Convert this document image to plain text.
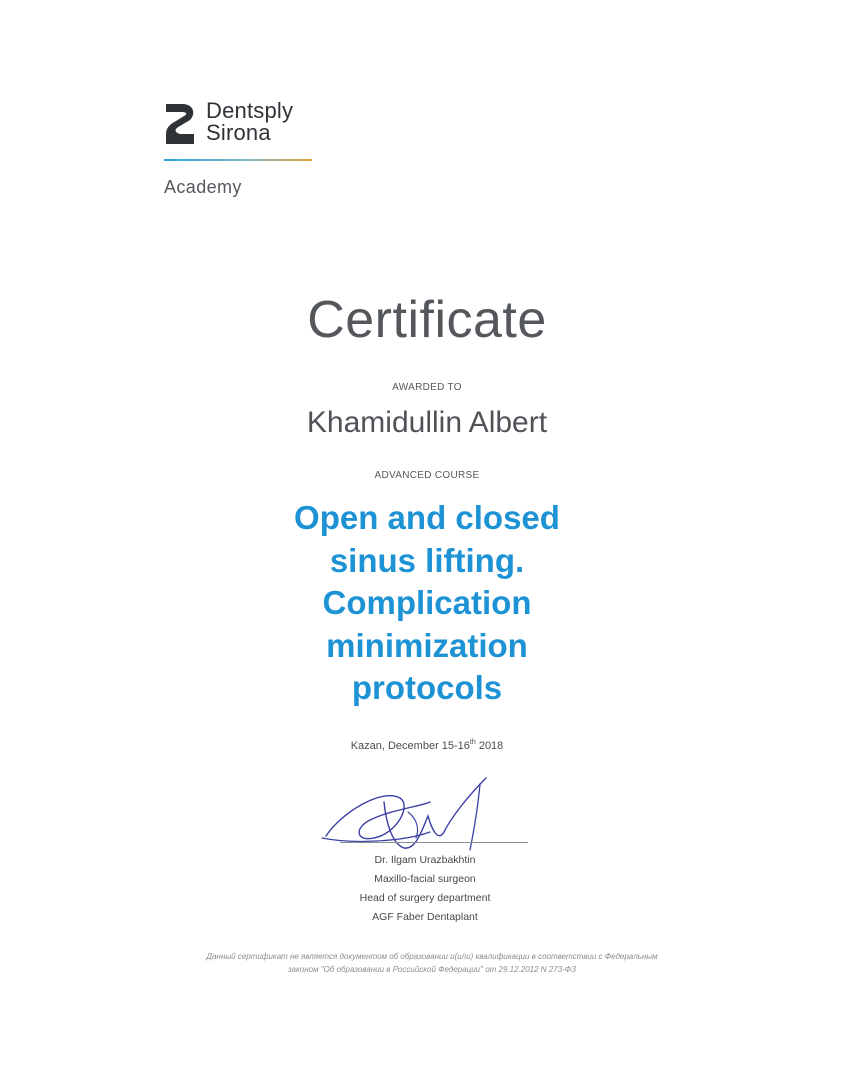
Dentsply
Sirona
Academy
Certificate
AWARDED TO
Khamidullin Albert
ADVANCED COURSE
Open and closed
sinus lifting.
Complication
minimization
protocols
Kazan, December 15-16th 2018
Dr. Ilgam Urazbakhtin
Maxillo-facial surgeon
Head of surgery department
AGF Faber Dentaplant
Данный сертификат не является документом об образовании и(или) квалификации в соответствии с Федеральным
законом "Об образовании в Российской Федерации" от 29.12.2012 N 273-ФЗ
